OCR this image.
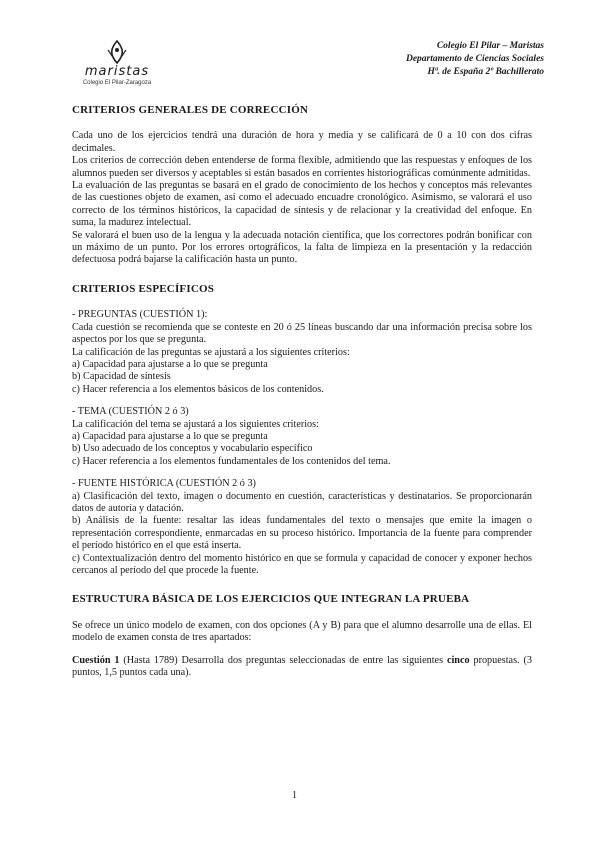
maristas
Colegio El Pilar-Zaragoza
Colegio El Pilar – Maristas
Departamento de Ciencias Sociales
Hª. de España 2º Bachillerato
CRITERIOS GENERALES DE CORRECCIÓN

Cada uno de los ejercicios tendrá una duración de hora y media y se calificará de 0 a 10 con dos cifras decimales.

Los criterios de corrección deben entenderse de forma flexible, admitiendo que las respuestas y enfoques de los alumnos pueden ser diversos y aceptables si están basados en corrientes historiográficas comúnmente admitidas.

La evaluación de las preguntas se basará en el grado de conocimiento de los hechos y conceptos más relevantes de las cuestiones objeto de examen, así como el adecuado encuadre cronológico. Asimismo, se valorará el uso correcto de los términos históricos, la capacidad de síntesis y de relacionar y la creatividad del enfoque. En suma, la madurez intelectual.

Se valorará el buen uso de la lengua y la adecuada notación científica, que los correctores podrán bonificar con un máximo de un punto. Por los errores ortográficos, la falta de limpieza en la presentación y la redacción defectuosa podrá bajarse la calificación hasta un punto.

CRITERIOS ESPECÍFICOS

- PREGUNTAS (CUESTIÓN 1):

Cada cuestión se recomienda que se conteste en 20 ó 25 líneas buscando dar una información precisa sobre los aspectos por los que se pregunta.

La calificación de las preguntas se ajustará a los siguientes criterios:

a) Capacidad para ajustarse a lo que se pregunta

b) Capacidad de síntesis

c) Hacer referencia a los elementos básicos de los contenidos.

- TEMA (CUESTIÓN 2 ó 3)

La calificación del tema se ajustará a los siguientes criterios:

a) Capacidad para ajustarse a lo que se pregunta

b) Uso adecuado de los conceptos y vocabulario específico

c) Hacer referencia a los elementos fundamentales de los contenidos del tema.

- FUENTE HISTÓRICA (CUESTIÓN 2 ó 3)

a) Clasificación del texto, imagen o documento en cuestión, características y destinatarios. Se proporcionarán datos de autoría y datación.

b) Análisis de la fuente: resaltar las ideas fundamentales del texto o mensajes que emite la imagen o representación correspondiente, enmarcadas en su proceso histórico. Importancia de la fuente para comprender el período histórico en el que está inserta.

c) Contextualización dentro del momento histórico en que se formula y capacidad de conocer y exponer hechos cercanos al período del que procede la fuente.

ESTRUCTURA BÁSICA DE LOS EJERCICIOS QUE INTEGRAN LA PRUEBA

Se ofrece un único modelo de examen, con dos opciones (A y B) para que el alumno desarrolle una de ellas. El modelo de examen consta de tres apartados:

Cuestión 1 (Hasta 1789) Desarrolla dos preguntas seleccionadas de entre las siguientes cinco propuestas. (3 puntos, 1,5 puntos cada una).

1
